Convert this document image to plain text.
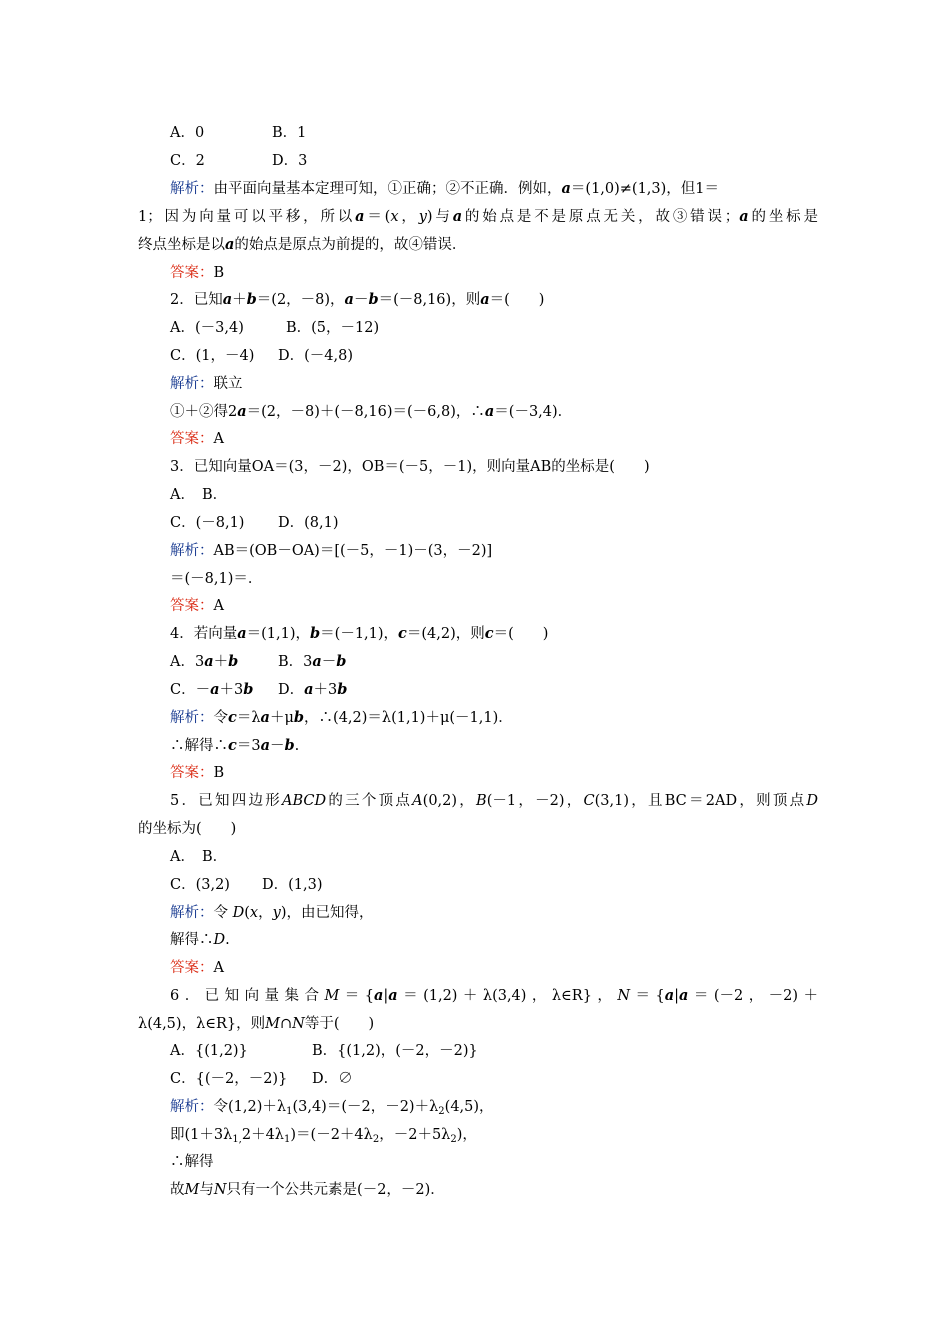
A．0	B．1
C．2	D．3
解析：由平面向量基本定理可知，①正确；②不正确．例如，a＝(1,0)≠(1,3)，但1＝
1；因为向量可以平移，所以a＝(x，y)与a的始点是不是原点无关，故③错误；a的坐标是
终点坐标是以a的始点是原点为前提的，故④错误．
答案：B
2．已知a＋b＝(2，－8)，a－b＝(－8,16)，则a＝(　　)
A．(－3,4)	B．(5，－12)
C．(1，－4) D．(－4,8)
解析：联立
①＋②得2a＝(2，－8)＋(－8,16)＝(－6,8)，∴a＝(－3,4)．
答案：A
3．已知向量OA＝(3，－2)，OB＝(－5，－1)，则向量AB的坐标是(　　)
A． B．
C．(－8,1) D．(8,1)
解析：AB＝(OB－OA)＝[(－5，－1)－(3，－2)]
＝(－8,1)＝．
答案：A
4．若向量a＝(1,1)，b＝(－1,1)，c＝(4,2)，则c＝(　　)
A．3a＋b	B．3a－b
C．－a＋3b D．a＋3b
解析：令c＝λa＋μb，∴(4,2)＝λ(1,1)＋μ(－1,1)．
∴解得∴c＝3a－b.
答案：B
5．已知四边形ABCD的三个顶点A(0,2)，B(－1，－2)，C(3,1)，且BC＝2AD，则顶点D
的坐标为(　　)
A． B．
C．(3,2) D．(1,3)
解析：令 D(x，y)，由已知得，
解得∴D.
答案：A
6．已知向量集合M＝{a|a＝(1,2)＋λ(3,4)，λ∈R}，N＝{a|a＝(－2，－2)＋
λ(4,5)，λ∈R}，则M∩N等于(　　)
A．{(1,2)}	B．{(1,2)，(－2，－2)}
C．{(－2，－2)} D．∅
解析：令$(1,2)+\lambda_1(3,4)=(-2$，$-2)+\lambda_2(4,5)$，
即$(1+3\lambda_{1,}2+4\lambda_1)=(-2+4\lambda_2$，$-2+5\lambda_2$)，
∴解得
故M与N只有一个公共元素是(－2，－2)．
